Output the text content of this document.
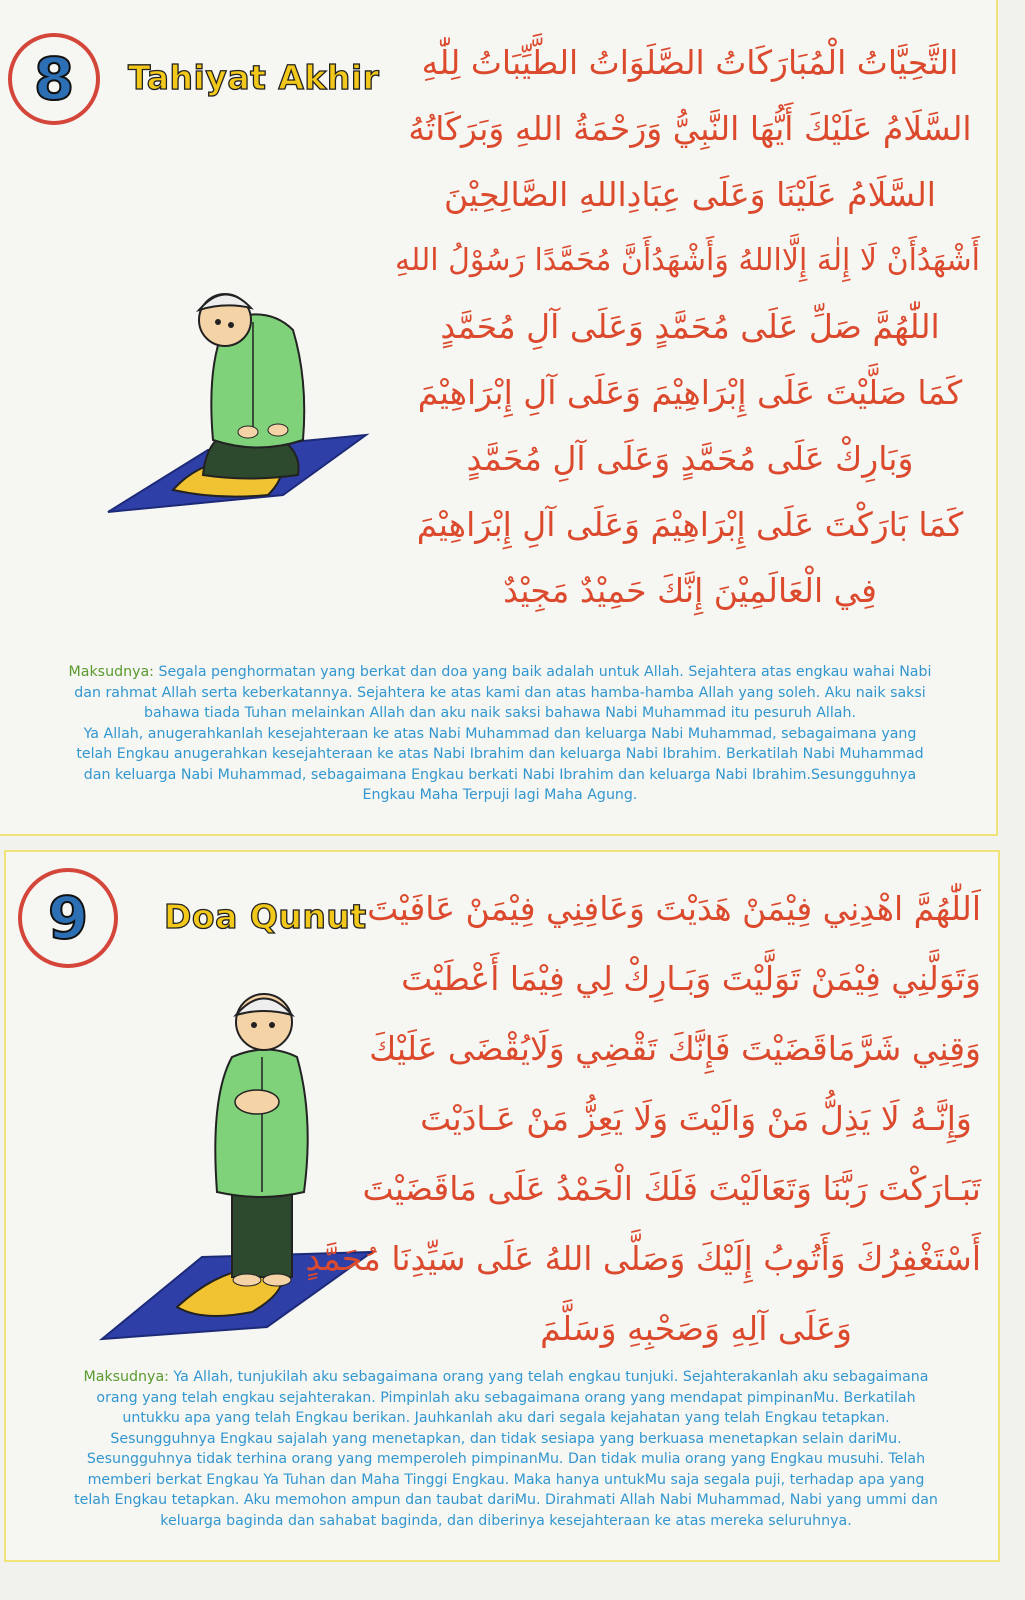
8 Tahiyat Akhir	التَّحِيَّاتُ الْمُبَارَكَاتُ الصَّلَوَاتُ الطَّيِّبَاتُ لِلّٰهِ
السَّلَامُ عَلَيْكَ أَيُّهَا النَّبِيُّ وَرَحْمَةُ اللهِ وَبَرَكَاتُهُ
السَّلَامُ عَلَيْنَا وَعَلَى عِبَادِاللهِ الصَّالِحِيْنَ
أَشْهَدُأَنْ لَا إِلٰهَ إِلَّااللهُ وَأَشْهَدُأَنَّ مُحَمَّدًا رَسُوْلُ اللهِ
اللّٰهُمَّ صَلِّ عَلَى مُحَمَّدٍ وَعَلَى آلِ مُحَمَّدٍ
كَمَا صَلَّيْتَ عَلَى إِبْرَاهِيْمَ وَعَلَى آلِ إِبْرَاهِيْمَ
وَبَارِكْ عَلَى مُحَمَّدٍ وَعَلَى آلِ مُحَمَّدٍ
كَمَا بَارَكْتَ عَلَى إِبْرَاهِيْمَ وَعَلَى آلِ إِبْرَاهِيْمَ
فِي الْعَالَمِيْنَ إِنَّكَ حَمِيْدٌ مَجِيْدٌ
Maksudnya: Segala penghormatan yang berkat dan doa yang baik adalah untuk Allah. Sejahtera atas engkau wahai Nabi
dan rahmat Allah serta keberkatannya. Sejahtera ke atas kami dan atas hamba-hamba Allah yang soleh. Aku naik saksi
bahawa tiada Tuhan melainkan Allah dan aku naik saksi bahawa Nabi Muhammad itu pesuruh Allah.
Ya Allah, anugerahkanlah kesejahteraan ke atas Nabi Muhammad dan keluarga Nabi Muhammad, sebagaimana yang
telah Engkau anugerahkan kesejahteraan ke atas Nabi Ibrahim dan keluarga Nabi Ibrahim. Berkatilah Nabi Muhammad
dan keluarga Nabi Muhammad, sebagaimana Engkau berkati Nabi Ibrahim dan keluarga Nabi Ibrahim.Sesungguhnya
Engkau Maha Terpuji lagi Maha Agung.
9 Doa Qunut اَللّٰهُمَّ اهْدِنِي فِيْمَنْ هَدَيْتَ وَعَافِنِي فِيْمَنْ عَافَيْتَ
وَتَوَلَّنِي فِيْمَنْ تَوَلَّيْتَ وَبَـارِكْ لِي فِيْمَا أَعْطَيْتَ
وَقِنِي شَرَّمَاقَضَيْتَ فَإِنَّكَ تَقْضِي وَلَايُقْضَى عَلَيْكَ
وَإِنَّـهُ لَا يَذِلُّ مَنْ وَالَيْتَ وَلَا يَعِزُّ مَنْ عَـادَيْتَ
تَبَـارَكْتَ رَبَّنَا وَتَعَالَيْتَ فَلَكَ الْحَمْدُ عَلَى مَاقَضَيْتَ
أَسْتَغْفِرُكَ وَأَتُوبُ إِلَيْكَ وَصَلَّى اللهُ عَلَى سَيِّدِنَا مُحَمَّدٍ
وَعَلَى آلِهِ وَصَحْبِهِ وَسَلَّمَ
Maksudnya: Ya Allah, tunjukilah aku sebagaimana orang yang telah engkau tunjuki. Sejahterakanlah aku sebagaimana
orang yang telah engkau sejahterakan. Pimpinlah aku sebagaimana orang yang mendapat pimpinanMu. Berkatilah
untukku apa yang telah Engkau berikan. Jauhkanlah aku dari segala kejahatan yang telah Engkau tetapkan.
Sesungguhnya Engkau sajalah yang menetapkan, dan tidak sesiapa yang berkuasa menetapkan selain dariMu.
Sesungguhnya tidak terhina orang yang memperoleh pimpinanMu. Dan tidak mulia orang yang Engkau musuhi. Telah
memberi berkat Engkau Ya Tuhan dan Maha Tinggi Engkau. Maka hanya untukMu saja segala puji, terhadap apa yang
telah Engkau tetapkan. Aku memohon ampun dan taubat dariMu. Dirahmati Allah Nabi Muhammad, Nabi yang ummi dan
keluarga baginda dan sahabat baginda, dan diberinya kesejahteraan ke atas mereka seluruhnya.
